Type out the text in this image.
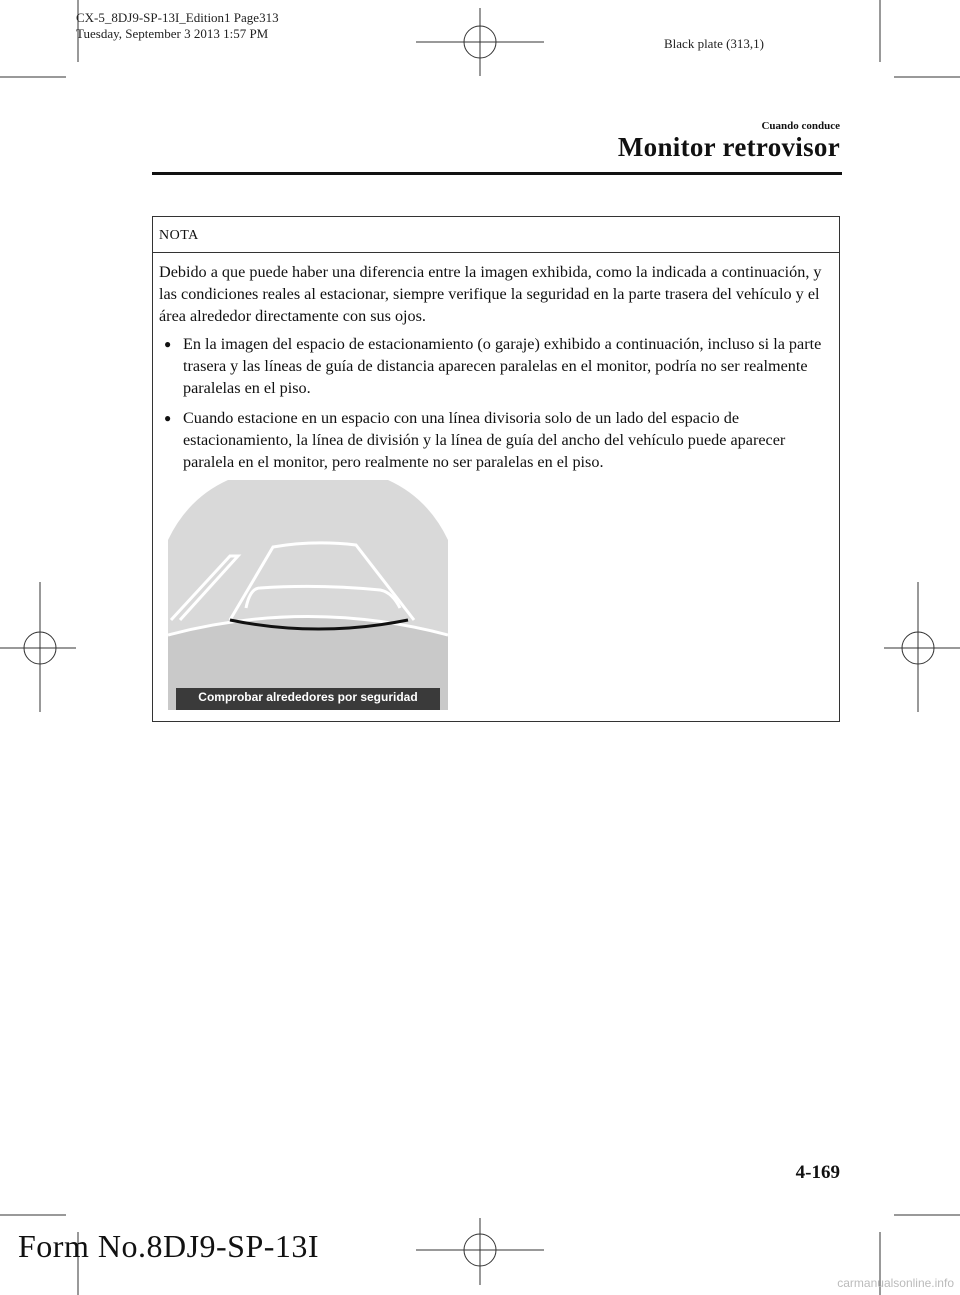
CX-5_8DJ9-SP-13I_Edition1 Page313
Tuesday, September 3 2013 1:57 PM
Black plate (313,1)
Cuando conduce
Monitor retrovisor
NOTA

Debido a que puede haber una diferencia entre la imagen exhibida, como la indicada a continuación, y las condiciones reales al estacionar, siempre verifique la seguridad en la parte trasera del vehículo y el área alrededor directamente con sus ojos.

● En la imagen del espacio de estacionamiento (o garaje) exhibido a continuación, incluso si la parte trasera y las líneas de guía de distancia aparecen paralelas en el monitor, podría no ser realmente paralelas en el piso.
● Cuando estacione en un espacio con una línea divisoria solo de un lado del espacio de estacionamiento, la línea de división y la línea de guía del ancho del vehículo puede aparecer paralela en el monitor, pero realmente no ser paralelas en el piso.
Comprobar alrededores por seguridad
4-169
Form No.8DJ9-SP-13I
carmanualsonline.info
